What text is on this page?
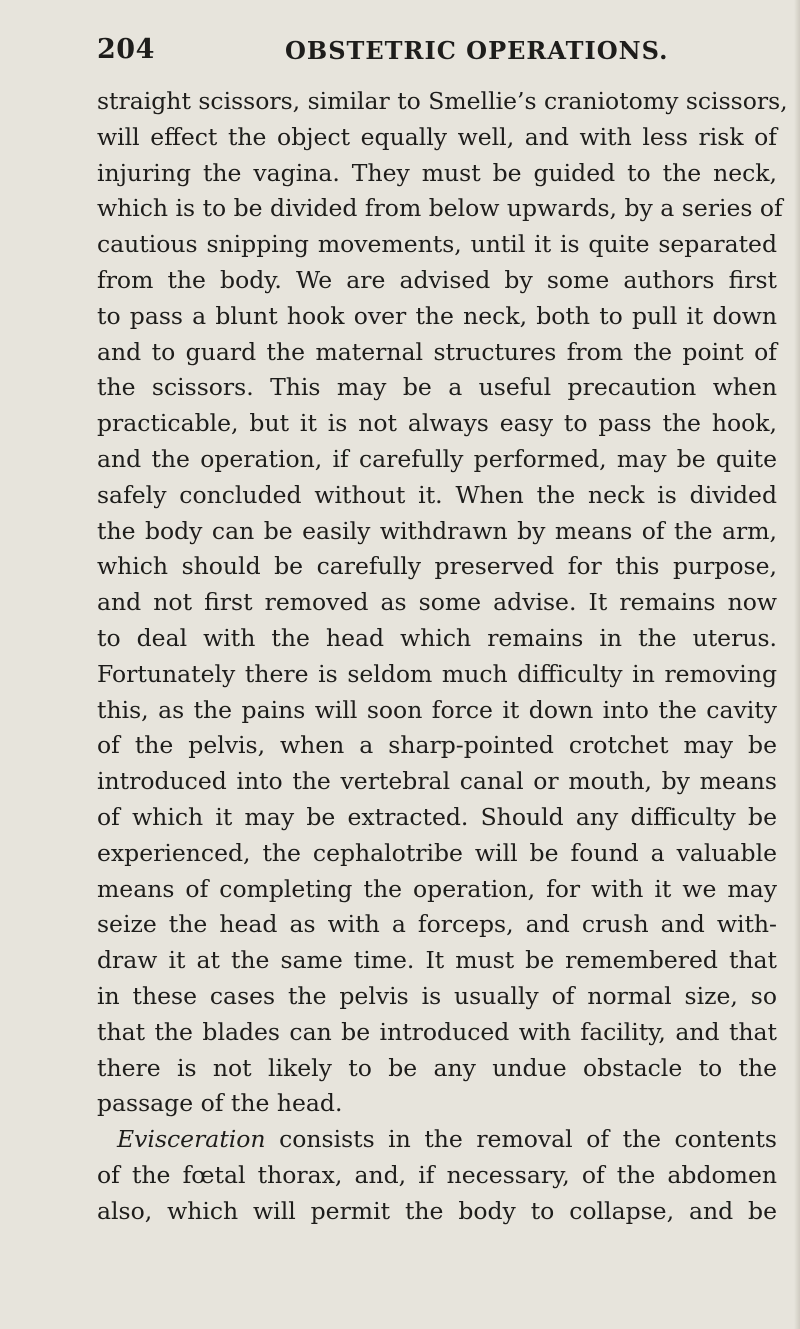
204	OBSTETRIC OPERATIONS.
straight scissors, similar to Smellie’s craniotomy scissors,
will effect the object equally well, and with less risk of
injuring the vagina. They must be guided to the neck,
which is to be divided from below upwards, by a series of
cautious snipping movements, until it is quite separated
from the body. We are advised by some authors first
to pass a blunt hook over the neck, both to pull it down
and to guard the maternal structures from the point of
the scissors. This may be a useful precaution when
practicable, but it is not always easy to pass the hook,
and the operation, if carefully performed, may be quite
safely concluded without it. When the neck is divided
the body can be easily withdrawn by means of the arm,
which should be carefully preserved for this purpose,
and not first removed as some advise. It remains now
to deal with the head which remains in the uterus.
Fortunately there is seldom much difficulty in removing
this, as the pains will soon force it down into the cavity
of the pelvis, when a sharp-pointed crotchet may be
introduced into the vertebral canal or mouth, by means
of which it may be extracted. Should any difficulty be
experienced, the cephalotribe will be found a valuable
means of completing the operation, for with it we may
seize the head as with a forceps, and crush and with-
draw it at the same time. It must be remembered that
in these cases the pelvis is usually of normal size, so
that the blades can be introduced with facility, and that
there is not likely to be any undue obstacle to the
passage of the head.
Evisceration consists in the removal of the contents
of the fœtal thorax, and, if necessary, of the abdomen
also, which will permit the body to collapse, and be
